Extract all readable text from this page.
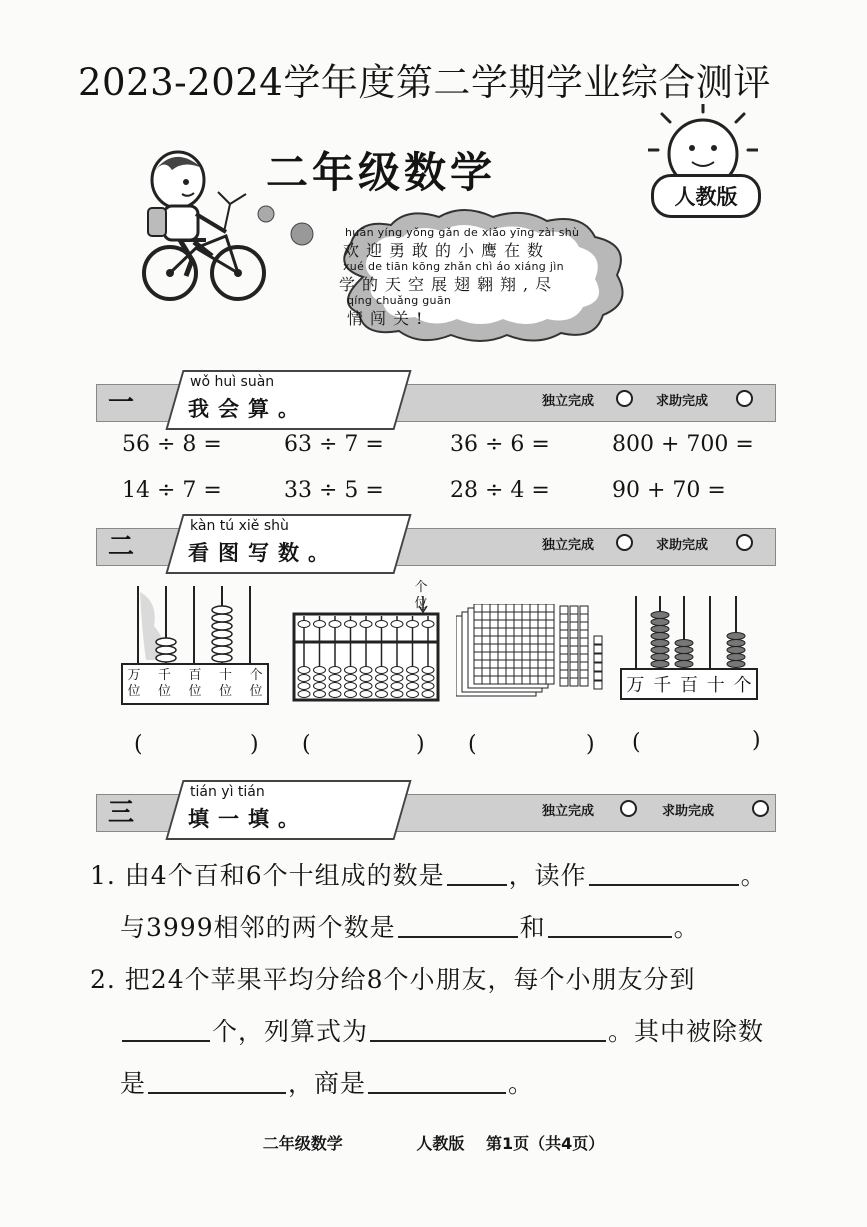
2023-2024学年度第二学期学业综合测评
二年级数学	人教版
huān yíng yǒng gǎn de xiǎo yīng zài shù
欢迎勇敢的小鹰在数
xué de tiān kōng zhǎn chì áo xiáng jìn
学的天空展翅翱翔,尽
qíng chuǎng guān
情闯关!
一
wǒ huì suàn
我会算。	独立完成	求助完成
56 ÷ 8 =	63 ÷ 7 =	36 ÷ 6 =	800 + 700 =
14 ÷ 7 =	33 ÷ 5 =	28 ÷ 4 =	90 + 70 =
二
kàn tú xiě shù
看图写数。	独立完成	求助完成
万位
千位
百位
十位
个位
个位
万 千 百 十 个
(	) (	) (	) (	)
三
tián yì tián
填一填。	独立完成	求助完成
1. 由4个百和6个十组成的数是	，读作	。
与3999相邻的两个数是	和	。
2. 把24个苹果平均分给8个小朋友，每个小朋友分到
个，列算式为	。其中被除数
是	，商是	。
二年级数学	人教版 第1页（共4页）
